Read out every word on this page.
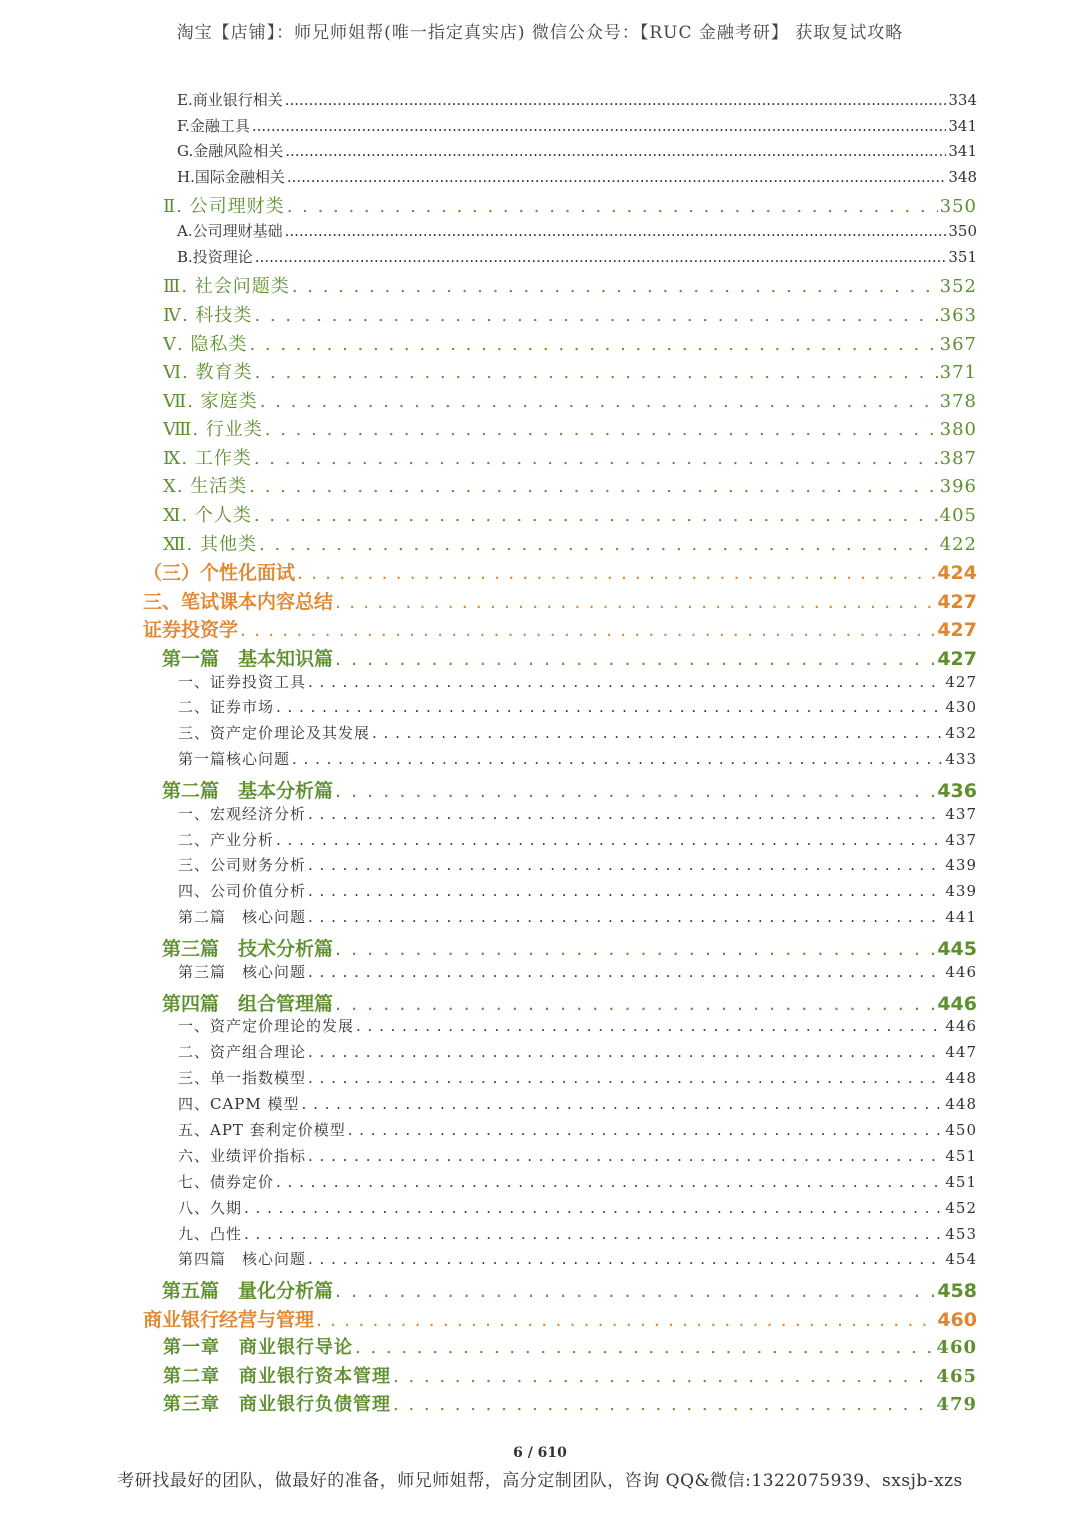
淘宝【店铺】：师兄师姐帮(唯一指定真实店) 微信公众号：【RUC 金融考研】 获取复试攻略
E.商业银行相关 .....	334
F.金融工具 .....	341
G.金融风险相关 .....	341
H.国际金融相关 .....	348
Ⅱ. 公司理财类 . . .	350
A.公司理财基础 .....	350
B.投资理论 .....	351
Ⅲ. 社会问题类 . . .	352
Ⅳ. 科技类 . . .	363
Ⅴ. 隐私类 . . .	367
Ⅵ. 教育类 . . .	371
Ⅶ. 家庭类 . . .	378
Ⅷ. 行业类 . . .	380
Ⅸ. 工作类 . . .	387
Ⅹ. 生活类 . . .	396
Ⅺ. 个人类 . . .	405
Ⅻ. 其他类 . . .	422
（三）个性化面试 . . .	424
三、笔试课本内容总结 . . .	427
证券投资学 . . .	427
第一篇　基本知识篇 . . .	427
一、证券投资工具 . . .	427
二、证券市场 . . .	430
三、资产定价理论及其发展 . . .	432
第一篇核心问题 . . .	433
第二篇　基本分析篇 . . .	436
一、宏观经济分析 . . .	437
二、产业分析 . . .	437
三、公司财务分析 . . .	439
四、公司价值分析 . . .	439
第二篇　核心问题 . . .	441
第三篇　技术分析篇 . . .	445
第三篇　核心问题 . . .	446
第四篇　组合管理篇 . . .	446
一、资产定价理论的发展 . . .	446
二、资产组合理论 . . .	447
三、单一指数模型 . . .	448
四、CAPM 模型 . . .	448
五、APT 套利定价模型 . . .	450
六、业绩评价指标 . . .	451
七、债券定价 . . .	451
八、久期 . . .	452
九、凸性 . . .	453
第四篇　核心问题 . . .	454
第五篇　量化分析篇 . . .	458
商业银行经营与管理 . . .	460
第一章　商业银行导论 . . .	460
第二章　商业银行资本管理 . . .	465
第三章　商业银行负债管理 . . .	479
6 / 610
考研找最好的团队，做最好的准备，师兄师姐帮，高分定制团队，咨询 QQ&微信:1322075939、sxsjb-xzs
